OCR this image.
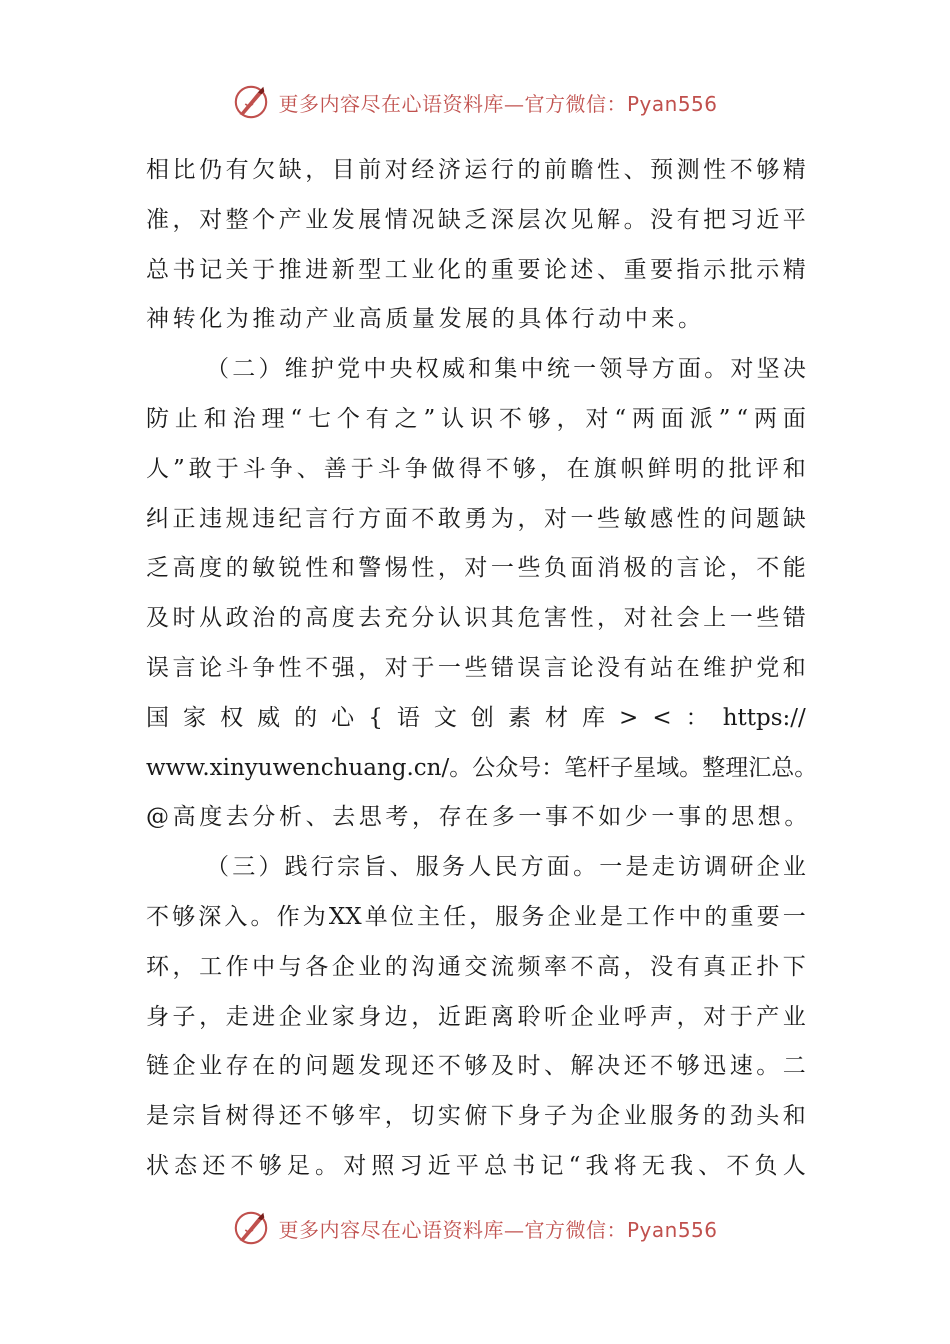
更多内容尽在心语资料库—官方微信：Pyan556
相 比 仍 有 欠 缺 ， 目 前 对 经 济 运 行 的 前 瞻 性 、 预 测 性 不 够 精
准 ， 对 整 个 产 业 发 展 情 况 缺 乏 深 层 次 见 解 。 没 有 把 习 近 平
总 书 记 关 于 推 进 新 型 工 业 化 的 重 要 论 述 、 重 要 指 示 批 示 精
神转化为推动产业高质量发展的具体行动中来。
（ 二 ） 维 护 党 中 央 权 威 和 集 中 统 一 领 导 方 面 。 对 坚 决
防 止 和 治 理 “ 七 个 有 之 ” 认 识 不 够 ， 对 “ 两 面 派 ” “ 两 面
人 ” 敢 于 斗 争 、 善 于 斗 争 做 得 不 够 ， 在 旗 帜 鲜 明 的 批 评 和
纠 正 违 规 违 纪 言 行 方 面 不 敢 勇 为 ， 对 一 些 敏 感 性 的 问 题 缺
乏 高 度 的 敏 锐 性 和 警 惕 性 ， 对 一 些 负 面 消 极 的 言 论 ， 不 能
及 时 从 政 治 的 高 度 去 充 分 认 识 其 危 害 性 ， 对 社 会 上 一 些 错
误 言 论 斗 争 性 不 强 ， 对 于 一 些 错 误 言 论 没 有 站 在 维 护 党 和
国 家 权 威 的 心 { 语 文 创 素 材 库 > < ： https://
www.xinyuwenchuang.cn/ 。 公 众 号 ： 笔 杆 子 星 域 。 整 理 汇 总 。
@高度去分析、去思考，存在多一事不如少一事的思想。
（ 三 ） 践 行 宗 旨 、 服 务 人 民 方 面 。 一 是 走 访 调 研 企 业
不 够 深 入 。 作 为 XX 单 位 主 任 ， 服 务 企 业 是 工 作 中 的 重 要 一
环 ， 工 作 中 与 各 企 业 的 沟 通 交 流 频 率 不 高 ， 没 有 真 正 扑 下
身 子 ， 走 进 企 业 家 身 边 ， 近 距 离 聆 听 企 业 呼 声 ， 对 于 产 业
链 企 业 存 在 的 问 题 发 现 还 不 够 及 时 、 解 决 还 不 够 迅 速 。 二
是 宗 旨 树 得 还 不 够 牢 ， 切 实 俯 下 身 子 为 企 业 服 务 的 劲 头 和
状 态 还 不 够 足 。 对 照 习 近 平 总 书 记 “ 我 将 无 我 、 不 负 人
更多内容尽在心语资料库—官方微信：Pyan556
